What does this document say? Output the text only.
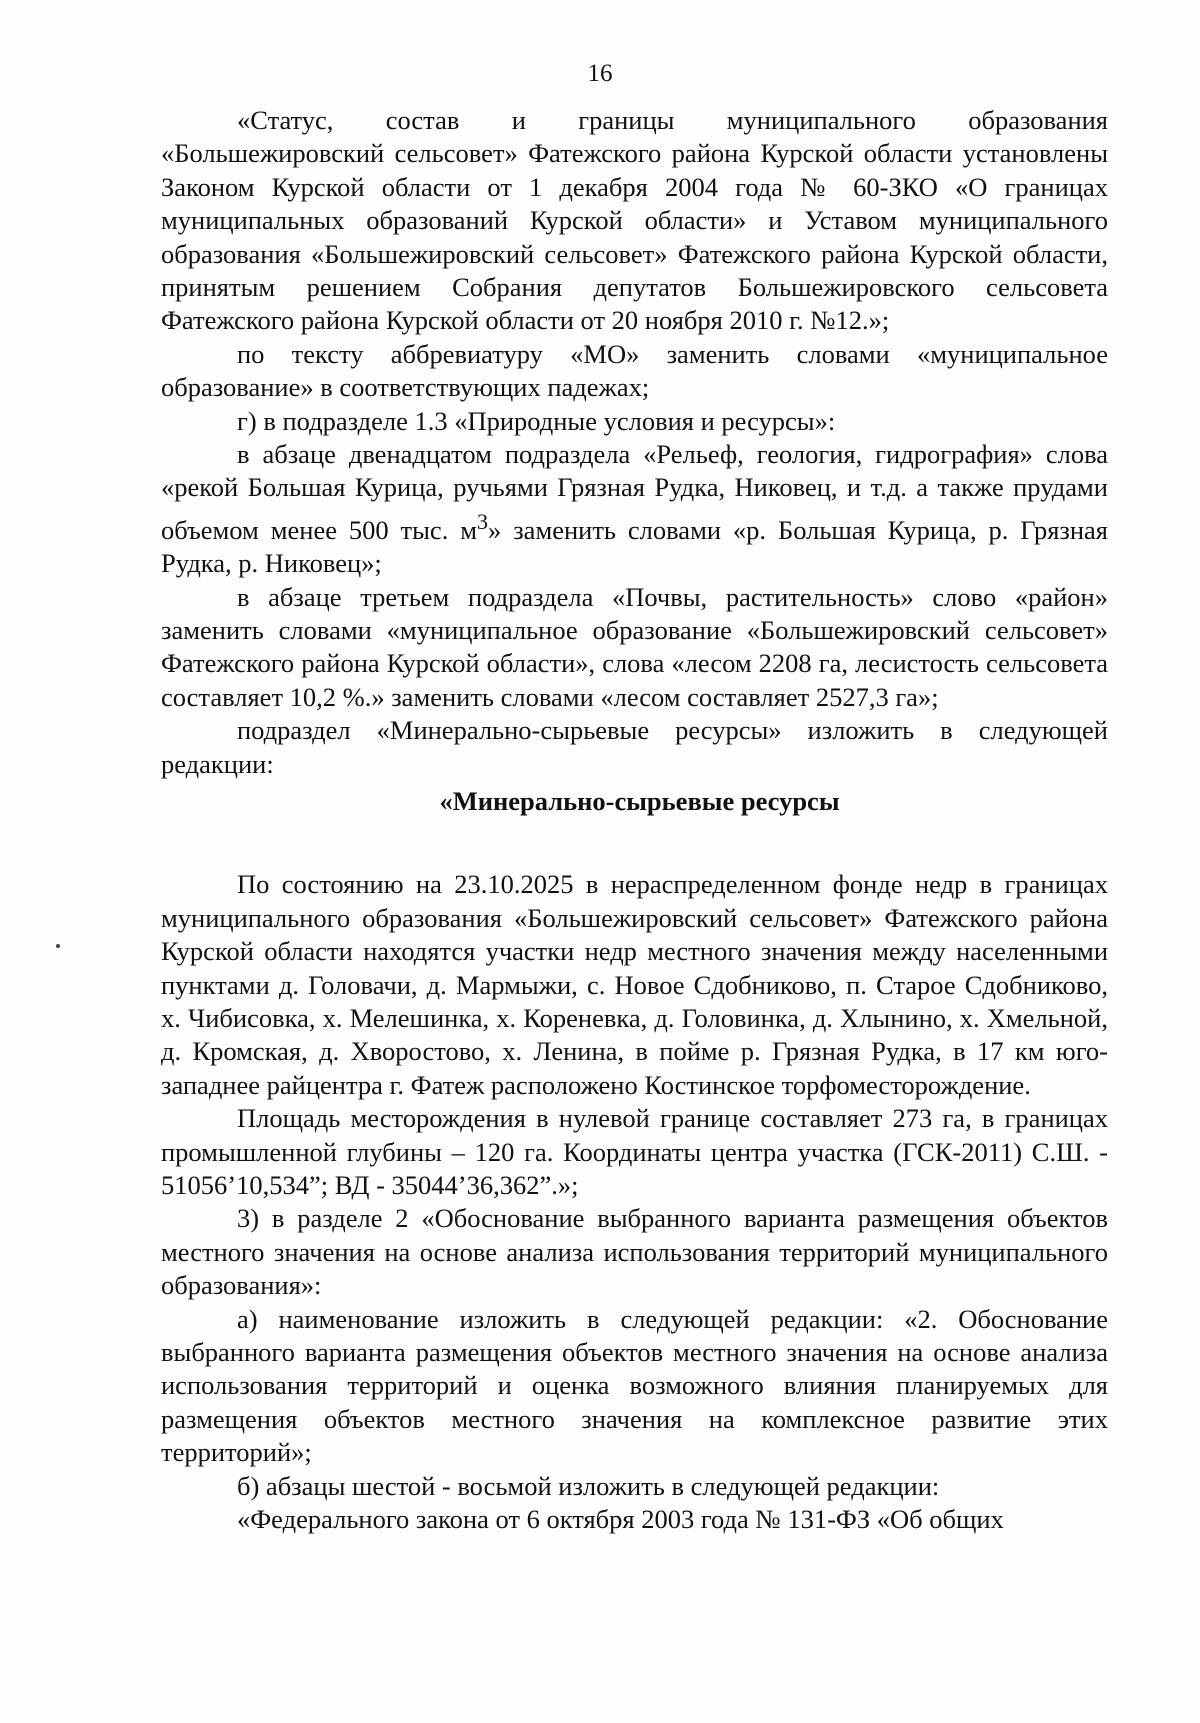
16

«Статус, состав и границы муниципального образования «Большежировский сельсовет» Фатежского района Курской области установлены Законом Курской области от 1 декабря 2004 года № 60-ЗКО «О границах муниципальных образований Курской области» и Уставом муниципального образования «Большежировский сельсовет» Фатежского района Курской области, принятым решением Собрания депутатов Большежировского сельсовета Фатежского района Курской области от 20 ноября 2010 г. №12.»;

по тексту аббревиатуру «МО» заменить словами «муниципальное образование» в соответствующих падежах;

г) в подразделе 1.3 «Природные условия и ресурсы»:

в абзаце двенадцатом подраздела «Рельеф, геология, гидрография» слова «рекой Большая Курица, ручьями Грязная Рудка, Никовец, и т.д. а также прудами объемом менее 500 тыс. $м^3$» заменить словами «р. Большая Курица, р. Грязная Рудка, р. Никовец»;

в абзаце третьем подраздела «Почвы, растительность» слово «район» заменить словами «муниципальное образование «Большежировский сельсовет» Фатежского района Курской области», слова «лесом 2208 га, лесистость сельсовета составляет 10,2 %.» заменить словами «лесом составляет 2527,3 га»;

подраздел «Минерально-сырьевые ресурсы» изложить в следующей редакции:

«Минерально-сырьевые ресурсы

По состоянию на 23.10.2025 в нераспределенном фонде недр в границах муниципального образования «Большежировский сельсовет» Фатежского района Курской области находятся участки недр местного значения между населенными пунктами д. Головачи, д. Мармыжи, с. Новое Сдобниково, п. Старое Сдобниково, х. Чибисовка, х. Мелешинка, х. Кореневка, д. Головинка, д. Хлынино, х. Хмельной, д. Кромская, д. Хворостово, х. Ленина, в пойме р. Грязная Рудка, в 17 км юго-западнее райцентра г. Фатеж расположено Костинское торфоместорождение.

Площадь месторождения в нулевой границе составляет 273 га, в границах промышленной глубины – 120 га. Координаты центра участка (ГСК-2011) С.Ш. - 51056’10,534”; ВД - 35044’36,362”.»;

3) в разделе 2 «Обоснование выбранного варианта размещения объектов местного значения на основе анализа использования территорий муниципального образования»:

а) наименование изложить в следующей редакции: «2. Обоснование выбранного варианта размещения объектов местного значения на основе анализа использования территорий и оценка возможного влияния планируемых для размещения объектов местного значения на комплексное развитие этих территорий»;

б) абзацы шестой - восьмой изложить в следующей редакции:

«Федерального закона от 6 октября 2003 года № 131-ФЗ «Об общих
